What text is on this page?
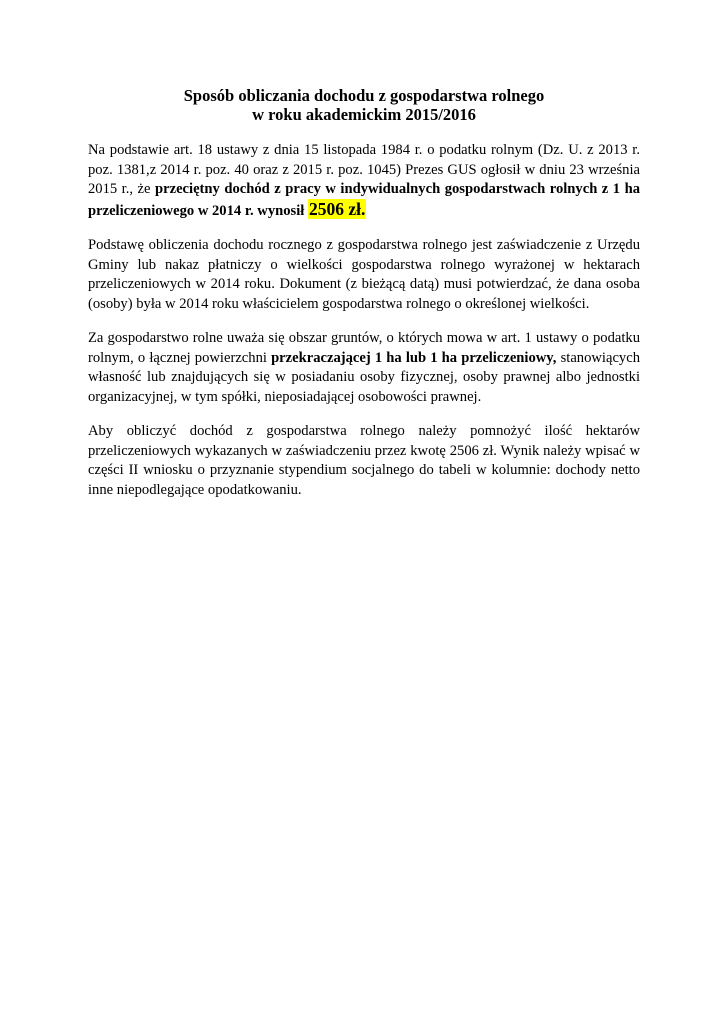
Sposób obliczania dochodu z gospodarstwa rolnego
w roku akademickim 2015/2016

Na podstawie art. 18 ustawy z dnia 15 listopada 1984 r. o podatku rolnym (Dz. U. z 2013 r. poz. 1381,z 2014 r. poz. 40 oraz z 2015 r. poz. 1045) Prezes GUS ogłosił w dniu 23 września 2015 r., że przeciętny dochód z pracy w indywidualnych gospodarstwach rolnych z 1 ha przeliczeniowego w 2014 r. wynosił 2506 zł.

Podstawę obliczenia dochodu rocznego z gospodarstwa rolnego jest zaświadczenie z Urzędu Gminy lub nakaz płatniczy o wielkości gospodarstwa rolnego wyrażonej w hektarach przeliczeniowych w 2014 roku. Dokument (z bieżącą datą) musi potwierdzać, że dana osoba (osoby) była w 2014 roku właścicielem gospodarstwa rolnego o określonej wielkości.

Za gospodarstwo rolne uważa się obszar gruntów, o których mowa w art. 1 ustawy o podatku rolnym, o łącznej powierzchni przekraczającej 1 ha lub 1 ha przeliczeniowy, stanowiących własność lub znajdujących się w posiadaniu osoby fizycznej, osoby prawnej albo jednostki organizacyjnej, w tym spółki, nieposiadającej osobowości prawnej.

Aby obliczyć dochód z gospodarstwa rolnego należy pomnożyć ilość hektarów przeliczeniowych wykazanych w zaświadczeniu przez kwotę 2506 zł. Wynik należy wpisać w części II wniosku o przyznanie stypendium socjalnego do tabeli w kolumnie: dochody netto inne niepodlegające opodatkowaniu.
